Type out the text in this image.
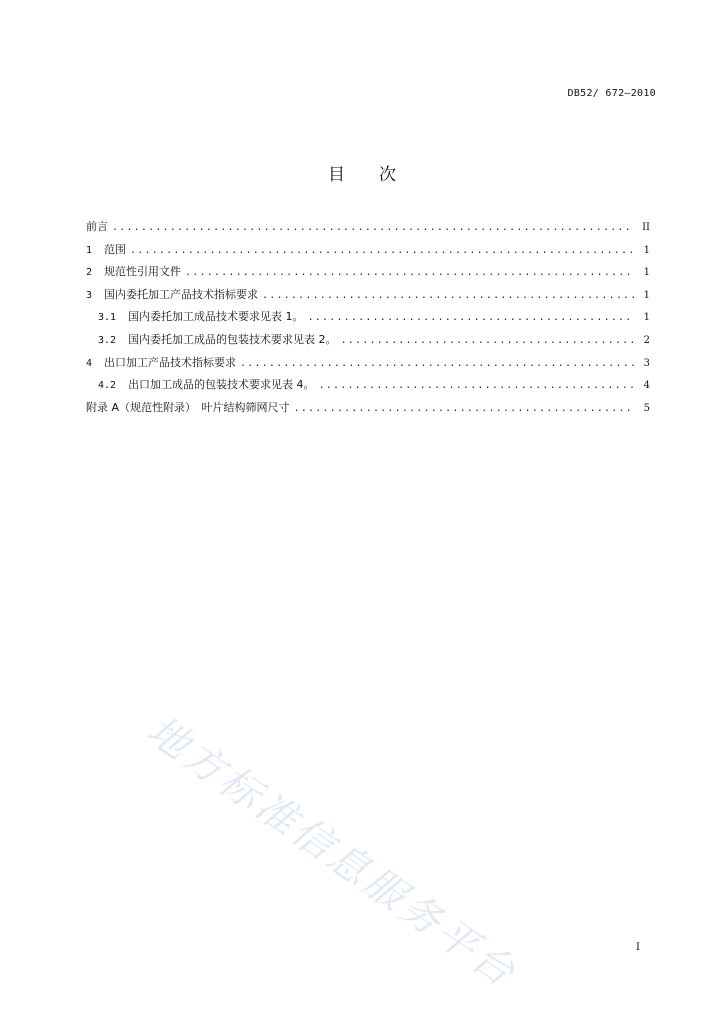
DB52/ 672—2010
目 次
前言 .....	II
1 范围 .....	1
2 规范性引用文件 .....	1
3 国内委托加工产品技术指标要求 .....	1
3.1 国内委托加工成品技术要求见表 1。 .....	1
3.2 国内委托加工成品的包装技术要求见表 2。 .....	2
4 出口加工产品技术指标要求 .....	3
4.2 出口加工成品的包装技术要求见表 4。 .....	4
附录 A（规范性附录）　叶片结构筛网尺寸 .....	5
地方标准信息服务平台	I
